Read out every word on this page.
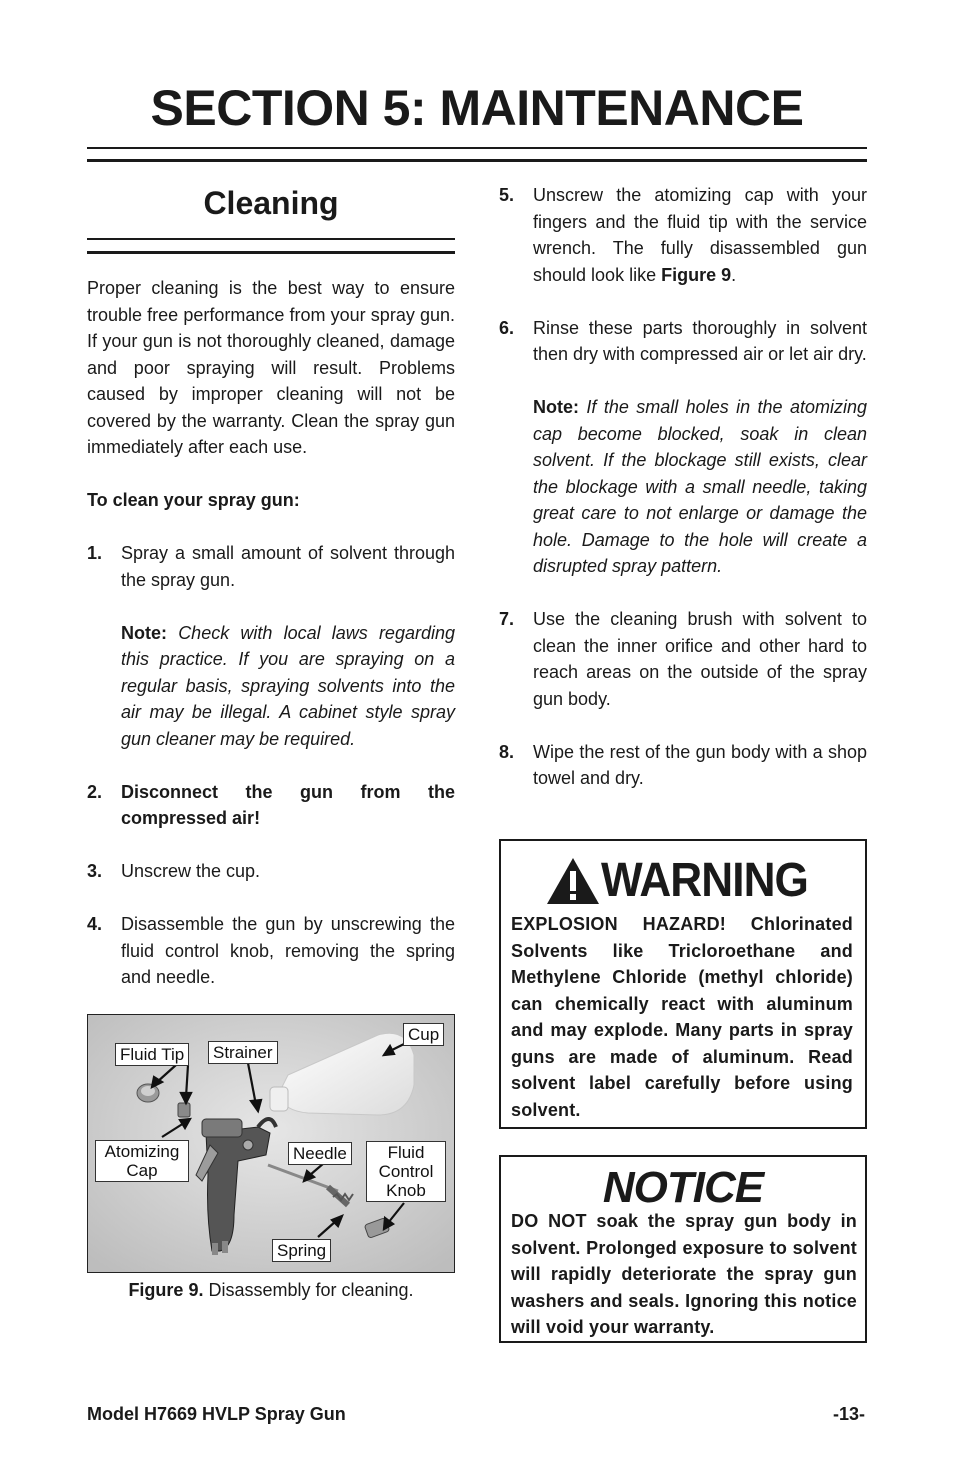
SECTION 5: MAINTENANCE
Cleaning

Proper cleaning is the best way to ensure trouble free performance from your spray gun. If your gun is not thoroughly cleaned, damage and poor spraying will result. Problems caused by improper cleaning will not be covered by the warranty. Clean the spray gun immediately after each use.

To clean your spray gun:

1. Spray a small amount of solvent through the spray gun.
Note: Check with local laws regarding this practice. If you are spraying on a regular basis, spraying solvents into the air may be illegal. A cabinet style spray gun cleaner may be required.
2. Disconnect the gun from the compressed air!
3. Unscrew the cup.
4. Disassemble the gun by unscrewing the fluid control knob, removing the spring and needle.
Fluid Tip Strainer
Cup
Atomizing Cap
Needle	Fluid Control Knob
Spring
Figure 9. Disassembly for cleaning.
5. Unscrew the atomizing cap with your fingers and the fluid tip with the service wrench. The fully disassembled gun should look like Figure 9.
6. Rinse these parts thoroughly in solvent then dry with compressed air or let air dry.
Note: If the small holes in the atomizing cap become blocked, soak in clean solvent. If the blockage still exists, clear the blockage with a small needle, taking great care to not enlarge or damage the hole. Damage to the hole will create a disrupted spray pattern.
7. Use the cleaning brush with solvent to clean the inner orifice and other hard to reach areas on the outside of the spray gun body.
8. Wipe the rest of the gun body with a shop towel and dry.
WARNING
EXPLOSION HAZARD! Chlorinated Solvents like Tricloroethane and Methylene Chloride (methyl chloride) can chemically react with aluminum and may explode. Many parts in spray guns are made of aluminum. Read solvent label carefully before using solvent.
NOTICE
DO NOT soak the spray gun body in solvent. Prolonged exposure to solvent will rapidly deteriorate the spray gun washers and seals. Ignoring this notice will void your warranty.
Model H7669 HVLP Spray Gun	-13-
